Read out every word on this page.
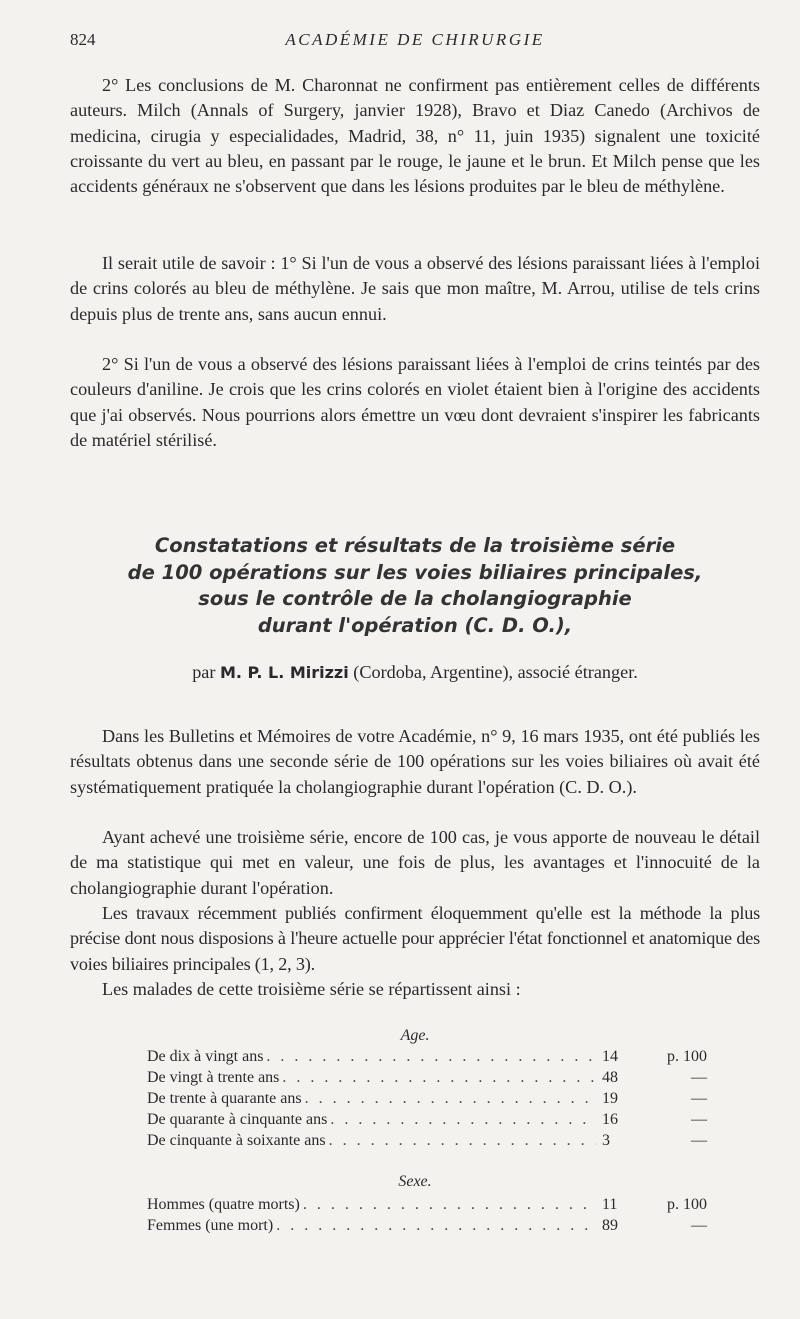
824	ACADÉMIE DE CHIRURGIE

2° Les conclusions de M. Charonnat ne confirment pas entièrement celles de différents auteurs. Milch (Annals of Surgery, janvier 1928), Bravo et Diaz Canedo (Archivos de medicina, cirugia y especialidades, Madrid, 38, n° 11, juin 1935) signalent une toxicité croissante du vert au bleu, en passant par le rouge, le jaune et le brun. Et Milch pense que les accidents généraux ne s'observent que dans les lésions produites par le bleu de méthylène.

Il serait utile de savoir : 1° Si l'un de vous a observé des lésions paraissant liées à l'emploi de crins colorés au bleu de méthylène. Je sais que mon maître, M. Arrou, utilise de tels crins depuis plus de trente ans, sans aucun ennui.

2° Si l'un de vous a observé des lésions paraissant liées à l'emploi de crins teintés par des couleurs d'aniline. Je crois que les crins colorés en violet étaient bien à l'origine des accidents que j'ai observés. Nous pourrions alors émettre un vœu dont devraient s'inspirer les fabricants de matériel stérilisé.

Constatations et résultats de la troisième série
de 100 opérations sur les voies biliaires principales,
sous le contrôle de la cholangiographie
durant l'opération (C. D. O.),
par M. P. L. Mirizzi (Cordoba, Argentine), associé étranger.

Dans les Bulletins et Mémoires de votre Académie, n° 9, 16 mars 1935, ont été publiés les résultats obtenus dans une seconde série de 100 opérations sur les voies biliaires où avait été systématiquement pratiquée la cholangiographie durant l'opération (C. D. O.).

Ayant achevé une troisième série, encore de 100 cas, je vous apporte de nouveau le détail de ma statistique qui met en valeur, une fois de plus, les avantages et l'innocuité de la cholangiographie durant l'opération.

Les travaux récemment publiés confirment éloquemment qu'elle est la méthode la plus précise dont nous disposions à l'heure actuelle pour apprécier l'état fonctionnel et anatomique des voies biliaires principales (1, 2, 3).

Les malades de cette troisième série se répartissent ainsi :

Age.
De dix à vingt ans . . .	14	p. 100
De vingt à trente ans . . .	48	—
De trente à quarante ans . . .	19	—
De quarante à cinquante ans . . .	16	—
De cinquante à soixante ans . . .	3	—
Sexe.
Hommes (quatre morts) . . .	11	p. 100
Femmes (une mort) . . .	89	—
